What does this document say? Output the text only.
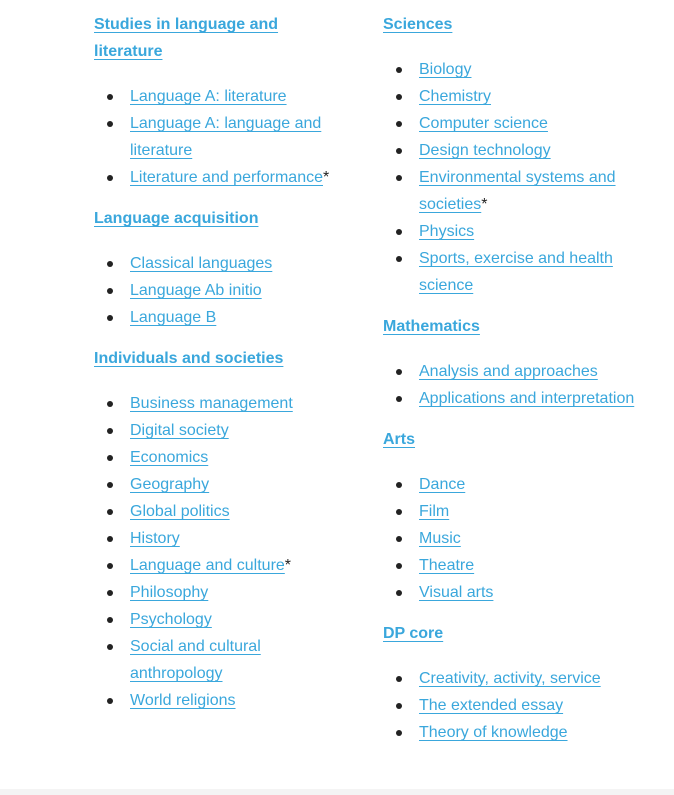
Studies in language and literature
Language A: literature
Language A: language and literature
Literature and performance*
Language acquisition
Classical languages
Language Ab initio
Language B
Individuals and societies
Business management
Digital society
Economics
Geography
Global politics
History
Language and culture*
Philosophy
Psychology
Social and cultural anthropology
World religions
Sciences
Biology
Chemistry
Computer science
Design technology
Environmental systems and societies*
Physics
Sports, exercise and health science
Mathematics
Analysis and approaches
Applications and interpretation
Arts
Dance
Film
Music
Theatre
Visual arts
DP core
Creativity, activity, service
The extended essay
Theory of knowledge
